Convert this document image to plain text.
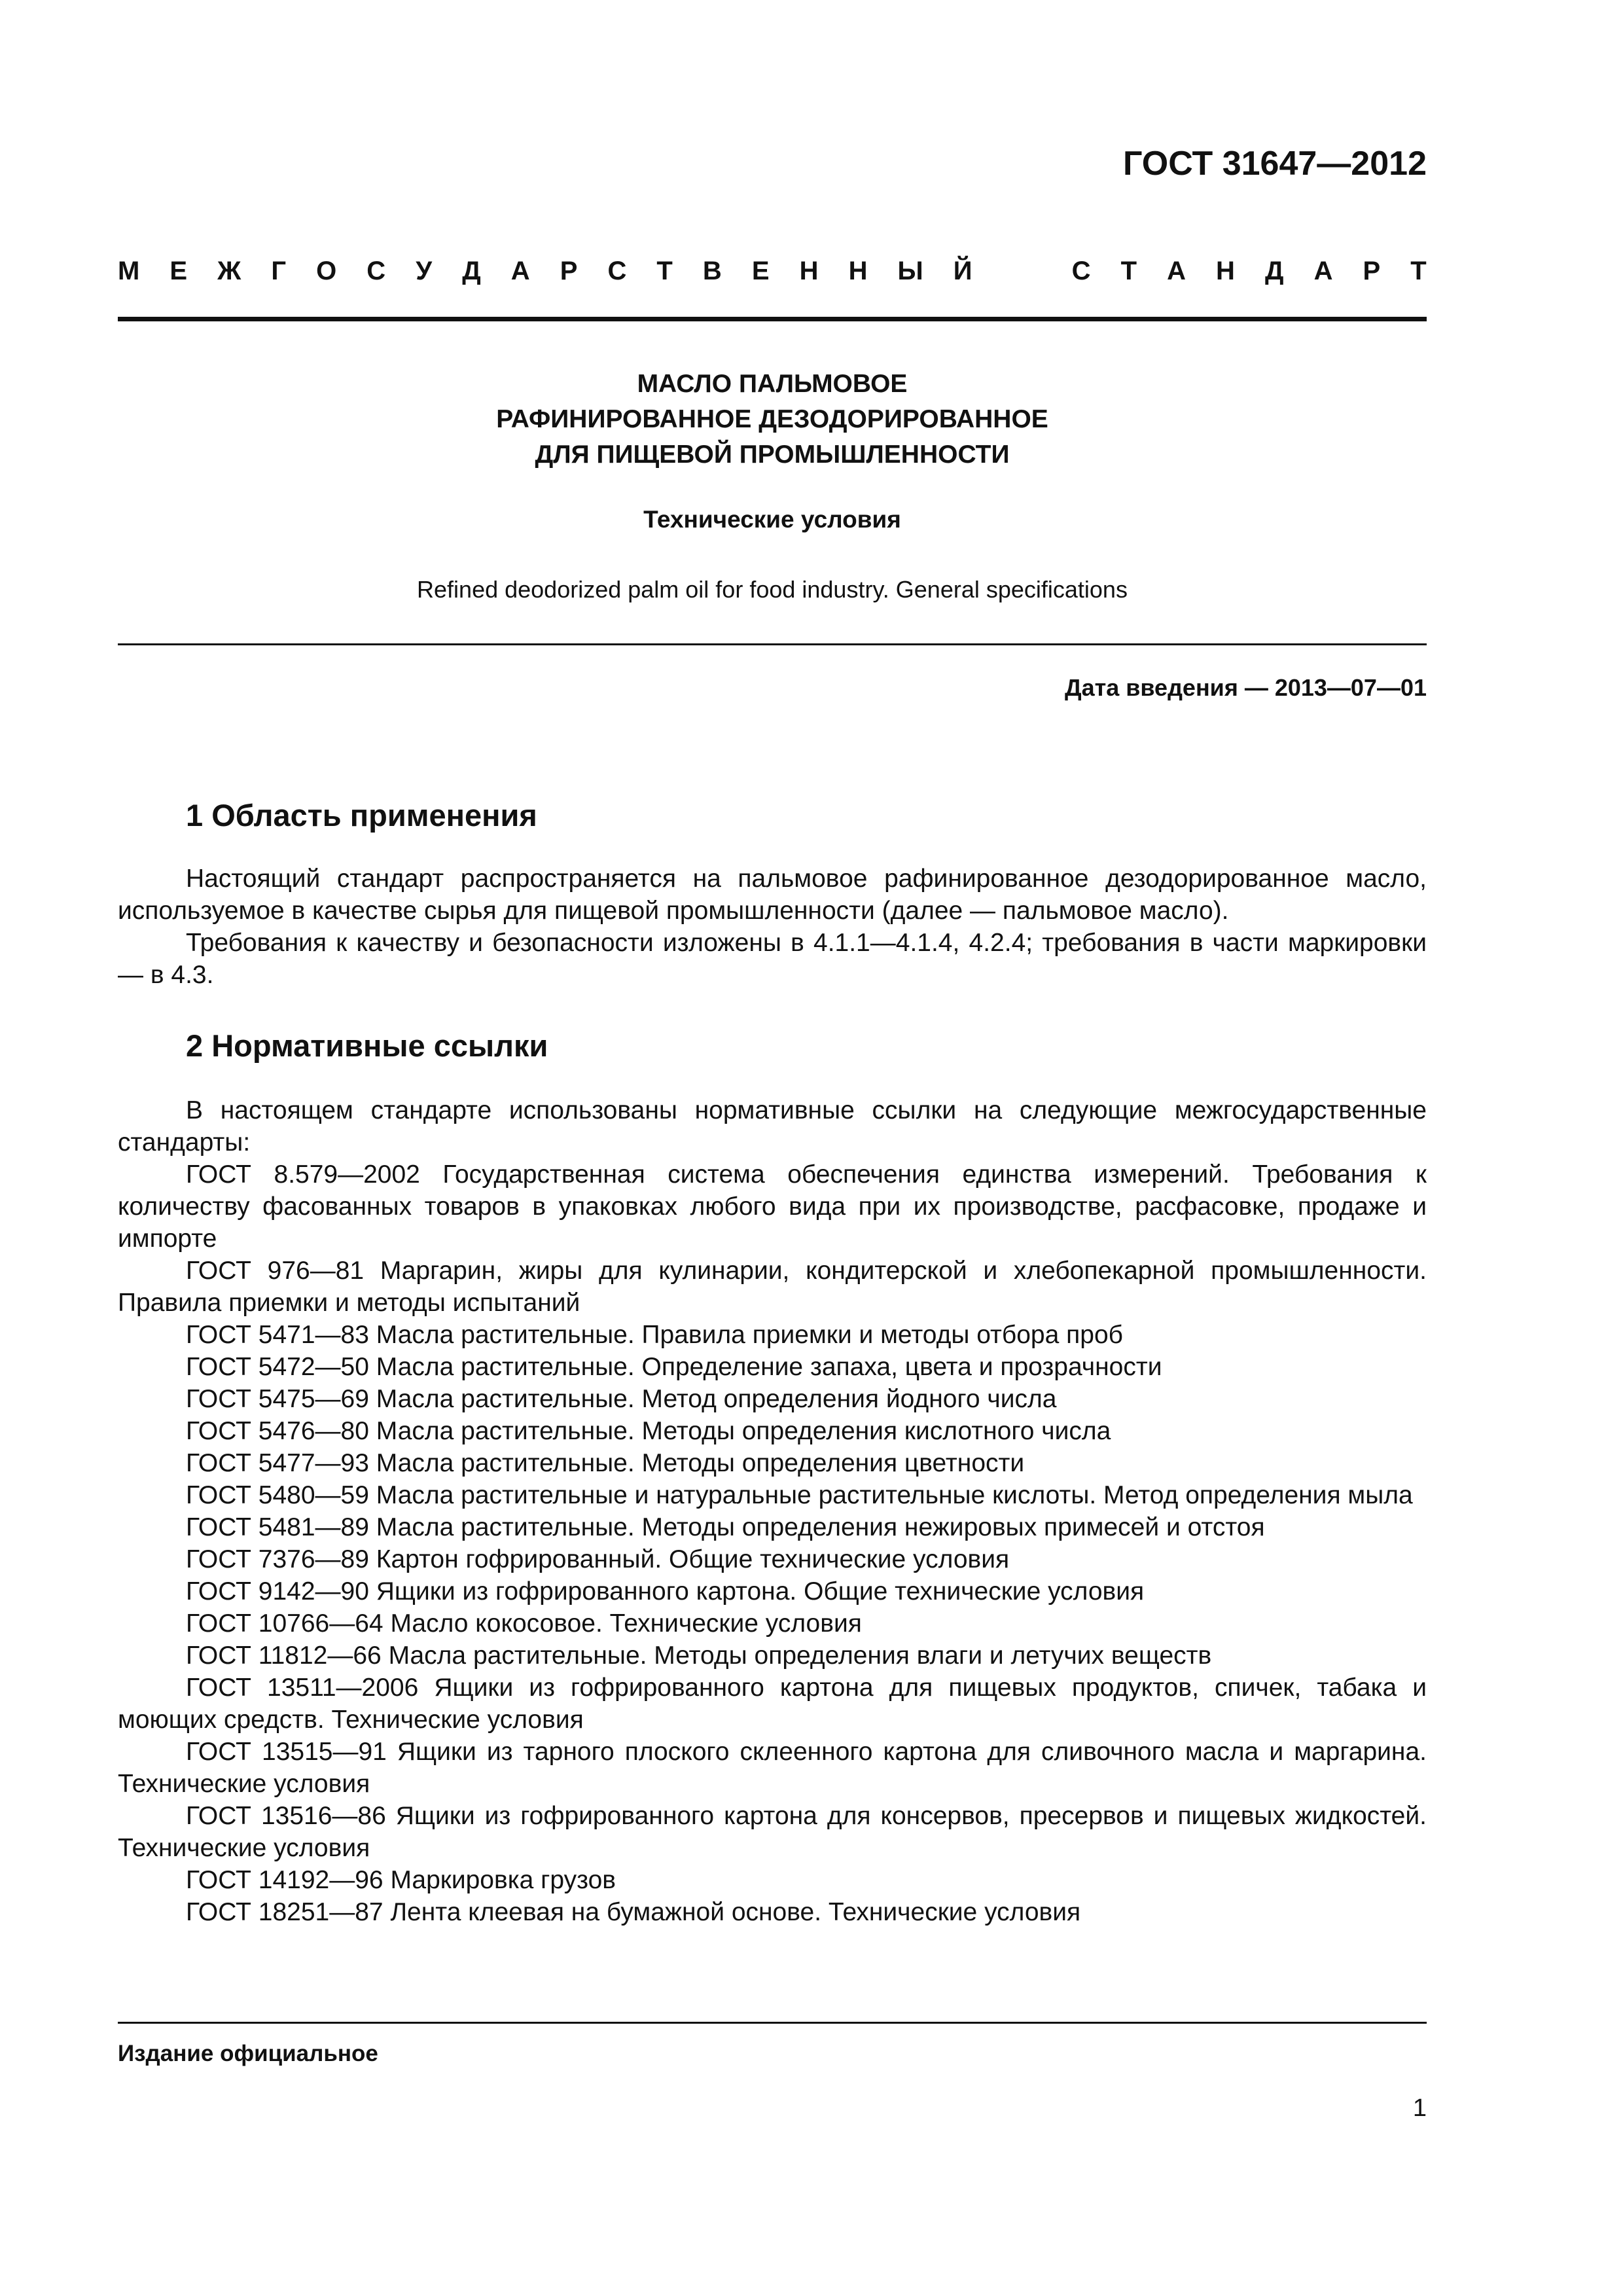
ГОСТ 31647—2012
М Е Ж Г О С У Д А Р С Т В Е Н Н Ы Й	С Т А Н Д А Р Т
МАСЛО ПАЛЬМОВОЕ
РАФИНИРОВАННОЕ ДЕЗОДОРИРОВАННОЕ
ДЛЯ ПИЩЕВОЙ ПРОМЫШЛЕННОСТИ
Технические условия
Refined deodorized palm oil for food industry. General specifications
Дата введения — 2013—07—01
1 Область применения

Настоящий стандарт распространяется на пальмовое рафинированное дезодорированное масло, используемое в качестве сырья для пищевой промышленности (далее — пальмовое масло).

Требования к качеству и безопасности изложены в 4.1.1—4.1.4, 4.2.4; требования в части маркировки — в 4.3.

2 Нормативные ссылки

В настоящем стандарте использованы нормативные ссылки на следующие межгосударственные стандарты:

ГОСТ 8.579—2002 Государственная система обеспечения единства измерений. Требования к количеству фасованных товаров в упаковках любого вида при их производстве, расфасовке, продаже и импорте

ГОСТ 976—81 Маргарин, жиры для кулинарии, кондитерской и хлебопекарной промышленности. Правила приемки и методы испытаний

ГОСТ 5471—83 Масла растительные. Правила приемки и методы отбора проб

ГОСТ 5472—50 Масла растительные. Определение запаха, цвета и прозрачности

ГОСТ 5475—69 Масла растительные. Метод определения йодного числа

ГОСТ 5476—80 Масла растительные. Методы определения кислотного числа

ГОСТ 5477—93 Масла растительные. Методы определения цветности

ГОСТ 5480—59 Масла растительные и натуральные растительные кислоты. Метод определения мыла

ГОСТ 5481—89 Масла растительные. Методы определения нежировых примесей и отстоя

ГОСТ 7376—89 Картон гофрированный. Общие технические условия

ГОСТ 9142—90 Ящики из гофрированного картона. Общие технические условия

ГОСТ 10766—64 Масло кокосовое. Технические условия

ГОСТ 11812—66 Масла растительные. Методы определения влаги и летучих веществ

ГОСТ 13511—2006 Ящики из гофрированного картона для пищевых продуктов, спичек, табака и моющих средств. Технические условия

ГОСТ 13515—91 Ящики из тарного плоского склеенного картона для сливочного масла и маргарина. Технические условия

ГОСТ 13516—86 Ящики из гофрированного картона для консервов, пресервов и пищевых жидкостей. Технические условия

ГОСТ 14192—96 Маркировка грузов

ГОСТ 18251—87 Лента клеевая на бумажной основе. Технические условия

Издание официальное
1
